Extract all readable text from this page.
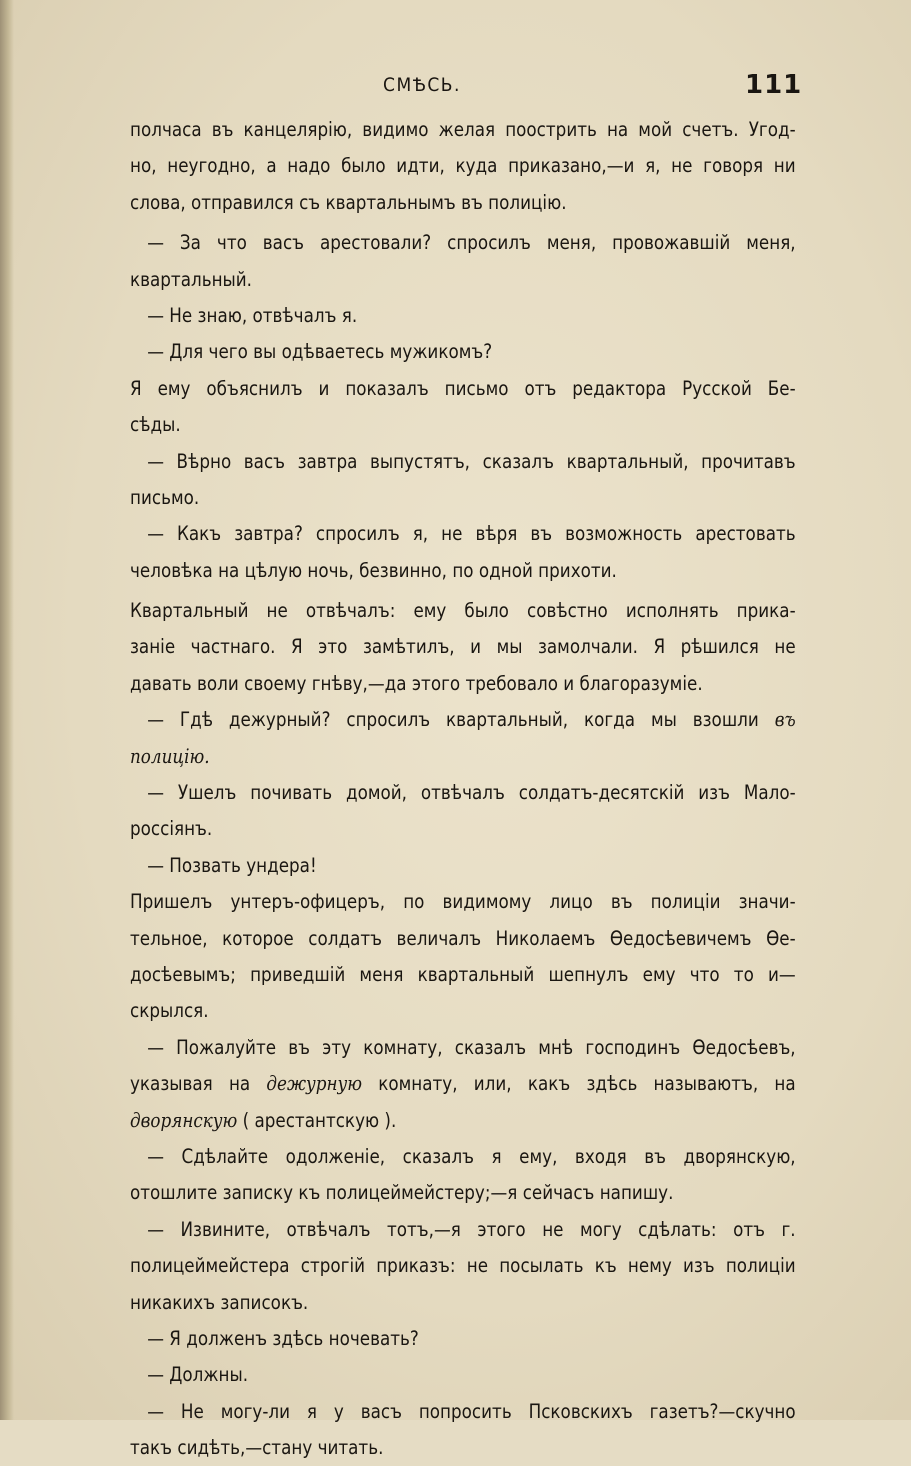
СМѢСЬ.	111
полчаса въ канцелярію, видимо желая поострить на мой счетъ. Угод-
но, неугодно, а надо было идти, куда приказано,—и я, не говоря ни
слова, отправился съ квартальнымъ въ полицію.
— За что васъ арестовали? спросилъ меня, провожавшій меня,
квартальный.
— Не знаю, отвѣчалъ я.
— Для чего вы одѣваетесь мужикомъ?
Я ему объяснилъ и показалъ письмо отъ редактора Русской Бе-
сѣды.
— Вѣрно васъ завтра выпустятъ, сказалъ квартальный, прочитавъ
письмо.
— Какъ завтра? спросилъ я, не вѣря въ возможность арестовать
человѣка на цѣлую ночь, безвинно, по одной прихоти.
Квартальный не отвѣчалъ: ему было совѣстно исполнять прика-
заніе частнаго. Я это замѣтилъ, и мы замолчали. Я рѣшился не
давать воли своему гнѣву,—да этого требовало и благоразуміе.
— Гдѣ дежурный? спросилъ квартальный, когда мы взошли въ
полицію.
— Ушелъ почивать домой, отвѣчалъ солдатъ-десятскій изъ Мало-
россіянъ.
— Позвать ундера!
Пришелъ унтеръ-офицеръ, по видимому лицо въ полиціи значи-
тельное, которое солдатъ величалъ Николаемъ Ѳедосѣевичемъ Ѳе-
досѣевымъ; приведшій меня квартальный шепнулъ ему что то и—
скрылся.
— Пожалуйте въ эту комнату, сказалъ мнѣ господинъ Ѳедосѣевъ,
указывая на дежурную комнату, или, какъ здѣсь называютъ, на
дворянскую ( арестантскую ).
— Сдѣлайте одолженіе, сказалъ я ему, входя въ дворянскую,
отошлите записку къ полицеймейстеру;—я сейчасъ напишу.
— Извините, отвѣчалъ тотъ,—я этого не могу сдѣлать: отъ г.
полицеймейстера строгій приказъ: не посылать къ нему изъ полиціи
никакихъ записокъ.
— Я долженъ здѣсь ночевать?
— Должны.
— Не могу-ли я у васъ попросить Псковскихъ газетъ?—скучно
такъ сидѣть,—стану читать.
